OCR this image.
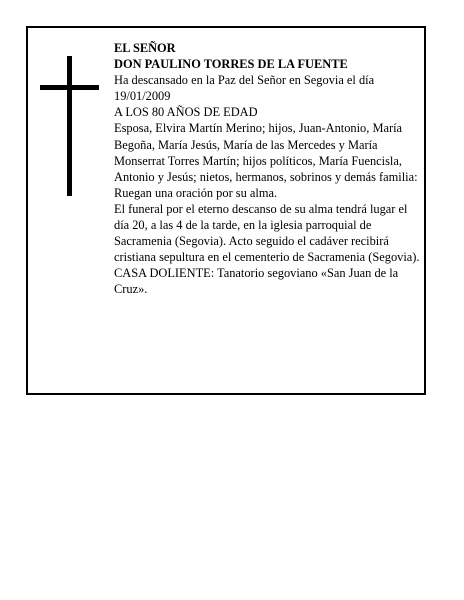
EL SEÑOR

DON PAULINO TORRES DE LA FUENTE

Ha descansado en la Paz del Señor en Segovia el día 19/01/2009

A LOS 80 AÑOS DE EDAD

Esposa, Elvira Martín Merino; hijos, Juan-Antonio, María Begoña, María Jesús, María de las Mercedes y María Monserrat Torres Martín; hijos políticos, María Fuencisla, Antonio y Jesús; nietos, hermanos, sobrinos y demás familia:

Ruegan una oración por su alma.

El funeral por el eterno descanso de su alma tendrá lugar el día 20, a las 4 de la tarde, en la iglesia parroquial de Sacramenia (Segovia). Acto seguido el cadáver recibirá cristiana sepultura en el cementerio de Sacramenia (Segovia).

CASA DOLIENTE: Tanatorio segoviano «San Juan de la Cruz».
